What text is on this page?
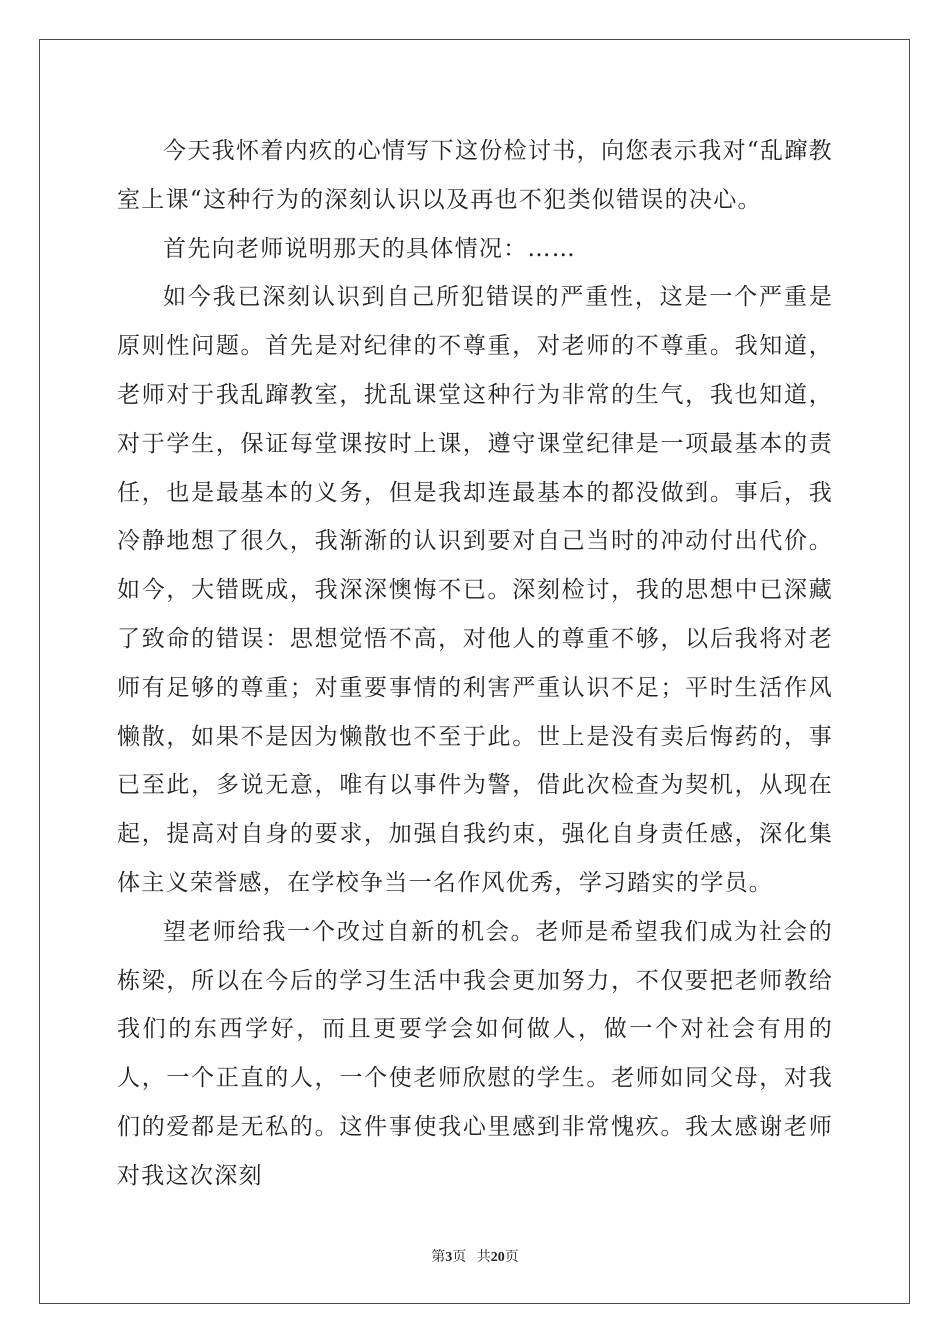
今天我怀着内疚的心情写下这份检讨书，向您表示我对“乱蹿教室上课“这种行为的深刻认识以及再也不犯类似错误的决心。

首先向老师说明那天的具体情况：……

如今我已深刻认识到自己所犯错误的严重性，这是一个严重是原则性问题。首先是对纪律的不尊重，对老师的不尊重。我知道，老师对于我乱蹿教室，扰乱课堂这种行为非常的生气，我也知道，对于学生，保证每堂课按时上课，遵守课堂纪律是一项最基本的责任，也是最基本的义务，但是我却连最基本的都没做到。事后，我冷静地想了很久，我渐渐的认识到要对自己当时的冲动付出代价。如今，大错既成，我深深懊悔不已。深刻检讨，我的思想中已深藏了致命的错误：思想觉悟不高，对他人的尊重不够，以后我将对老师有足够的尊重；对重要事情的利害严重认识不足；平时生活作风懒散，如果不是因为懒散也不至于此。世上是没有卖后悔药的，事已至此，多说无意，唯有以事件为警，借此次检查为契机，从现在起，提高对自身的要求，加强自我约束，强化自身责任感，深化集体主义荣誉感，在学校争当一名作风优秀，学习踏实的学员。

望老师给我一个改过自新的机会。老师是希望我们成为社会的栋梁，所以在今后的学习生活中我会更加努力，不仅要把老师教给我们的东西学好，而且更要学会如何做人，做一个对社会有用的人，一个正直的人，一个使老师欣慰的学生。老师如同父母，对我们的爱都是无私的。这件事使我心里感到非常愧疚。我太感谢老师对我这次深刻

第3页 共20页
